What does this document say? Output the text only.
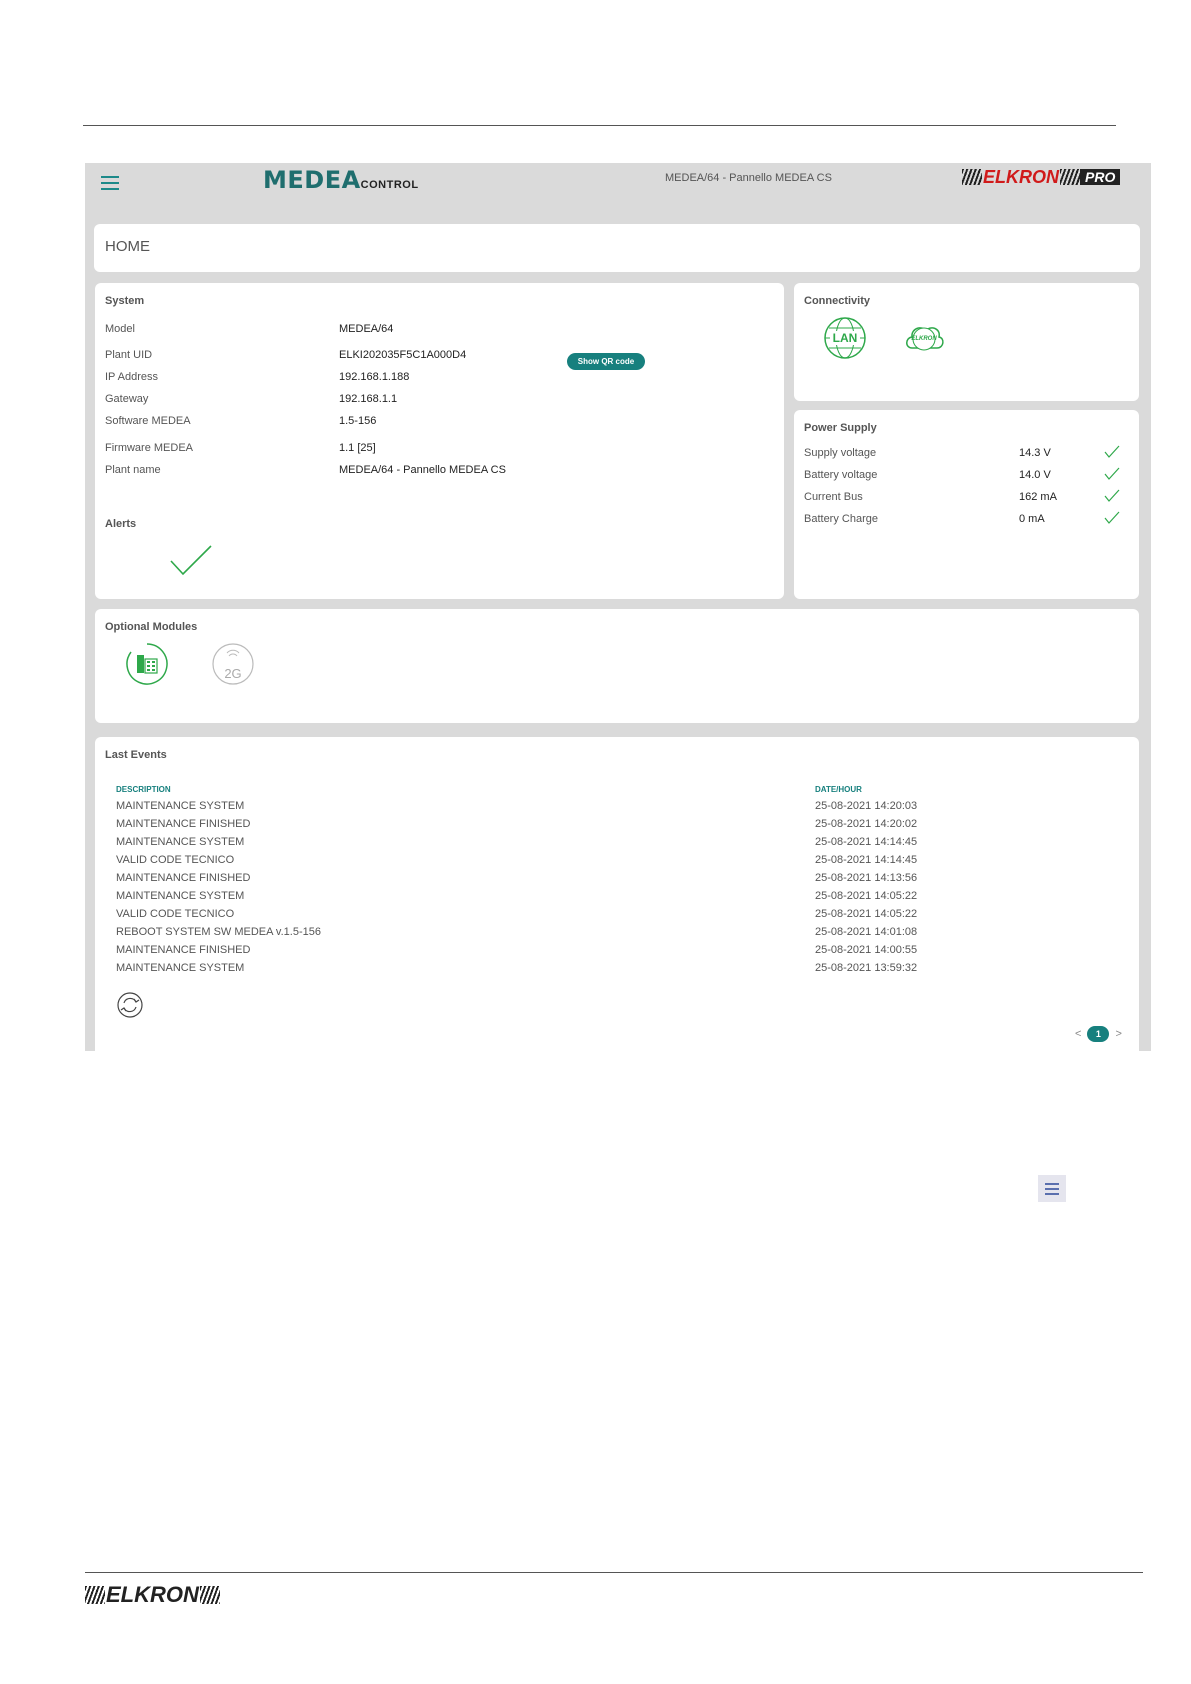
MEDEACONTROL
MEDEA/64 - Pannello MEDEA CS	ELKRON	PRO
HOME
System
Model	MEDEA/64
Plant UID	ELKI202035F5C1A000D4
Show QR code
IP Address	192.168.1.188
Gateway	192.168.1.1
Software MEDEA	1.5-156
Firmware MEDEA	1.1 [25]
Plant name	MEDEA/64 - Pannello MEDEA CS
Alerts
Connectivity
LAN	ELKRON
Power Supply
Supply voltage	14.3 V
Battery voltage	14.0 V
Current Bus	162 mA
Battery Charge	0 mA
Optional Modules
2G
Last Events
DESCRIPTION	DATE/HOUR
MAINTENANCE SYSTEM	25-08-2021 14:20:03
MAINTENANCE FINISHED	25-08-2021 14:20:02
MAINTENANCE SYSTEM	25-08-2021 14:14:45
VALID CODE TECNICO	25-08-2021 14:14:45
MAINTENANCE FINISHED	25-08-2021 14:13:56
MAINTENANCE SYSTEM	25-08-2021 14:05:22
VALID CODE TECNICO	25-08-2021 14:05:22
REBOOT SYSTEM SW MEDEA v.1.5-156	25-08-2021 14:01:08
MAINTENANCE FINISHED	25-08-2021 14:00:55
MAINTENANCE SYSTEM	25-08-2021 13:59:32
<	1	>
ELKRON
